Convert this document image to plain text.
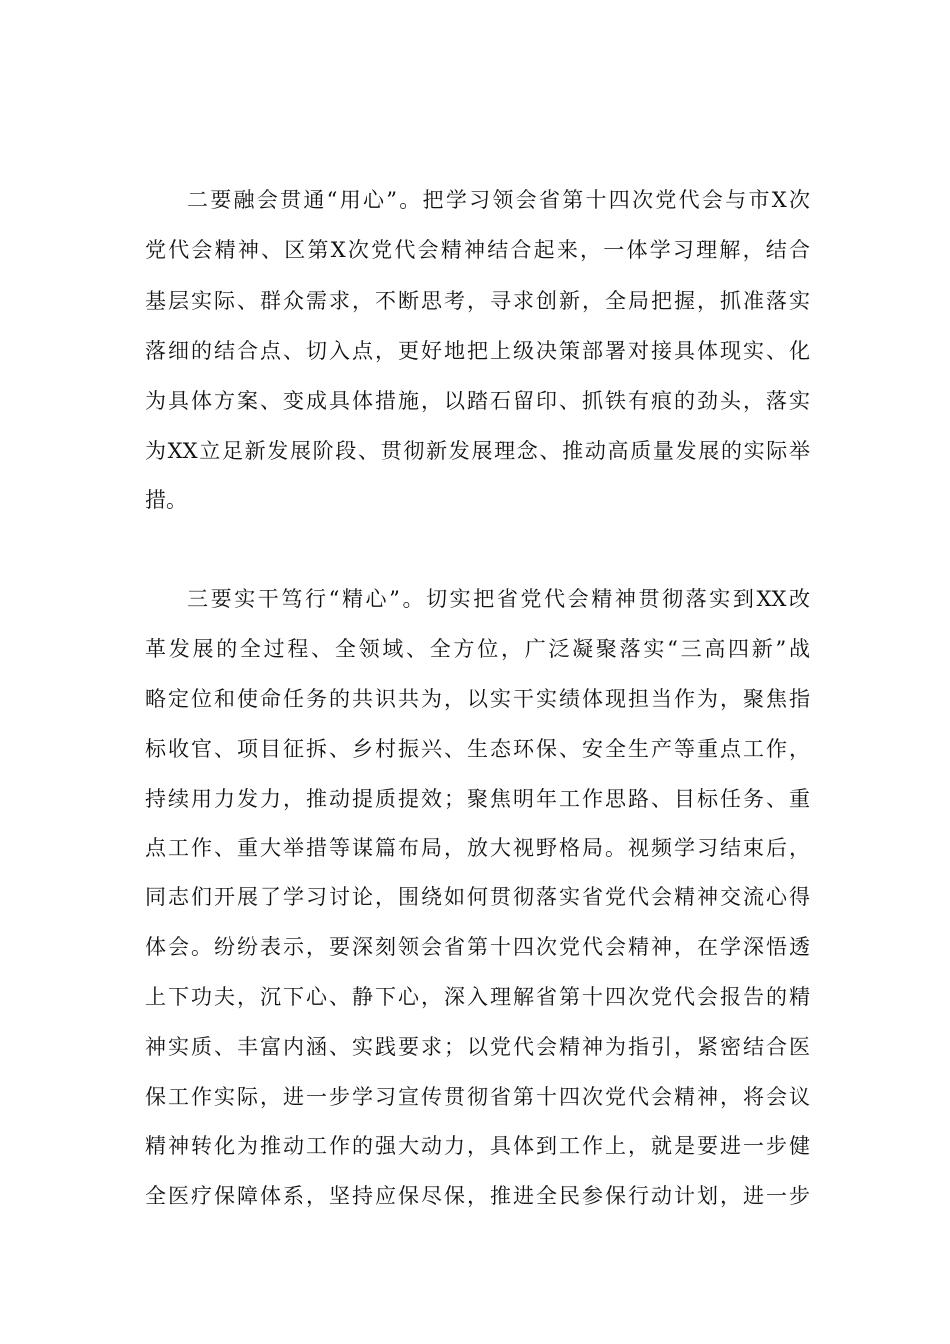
二要融会贯通“用心”。把学习领会省第十四次党代会与市X次
党代会精神、区第X次党代会精神结合起来，一体学习理解，结合
基层实际、群众需求，不断思考，寻求创新，全局把握，抓准落实
落细的结合点、切入点，更好地把上级决策部署对接具体现实、化
为具体方案、变成具体措施，以踏石留印、抓铁有痕的劲头，落实
为XX立足新发展阶段、贯彻新发展理念、推动高质量发展的实际举
措。
三要实干笃行“精心”。切实把省党代会精神贯彻落实到XX改
革发展的全过程、全领域、全方位，广泛凝聚落实“三高四新”战
略定位和使命任务的共识共为，以实干实绩体现担当作为，聚焦指
标收官、项目征拆、乡村振兴、生态环保、安全生产等重点工作，
持续用力发力，推动提质提效；聚焦明年工作思路、目标任务、重
点工作、重大举措等谋篇布局，放大视野格局。视频学习结束后，
同志们开展了学习讨论，围绕如何贯彻落实省党代会精神交流心得
体会。纷纷表示，要深刻领会省第十四次党代会精神，在学深悟透
上下功夫，沉下心、静下心，深入理解省第十四次党代会报告的精
神实质、丰富内涵、实践要求；以党代会精神为指引，紧密结合医
保工作实际，进一步学习宣传贯彻省第十四次党代会精神，将会议
精神转化为推动工作的强大动力，具体到工作上，就是要进一步健
全医疗保障体系，坚持应保尽保，推进全民参保行动计划，进一步
